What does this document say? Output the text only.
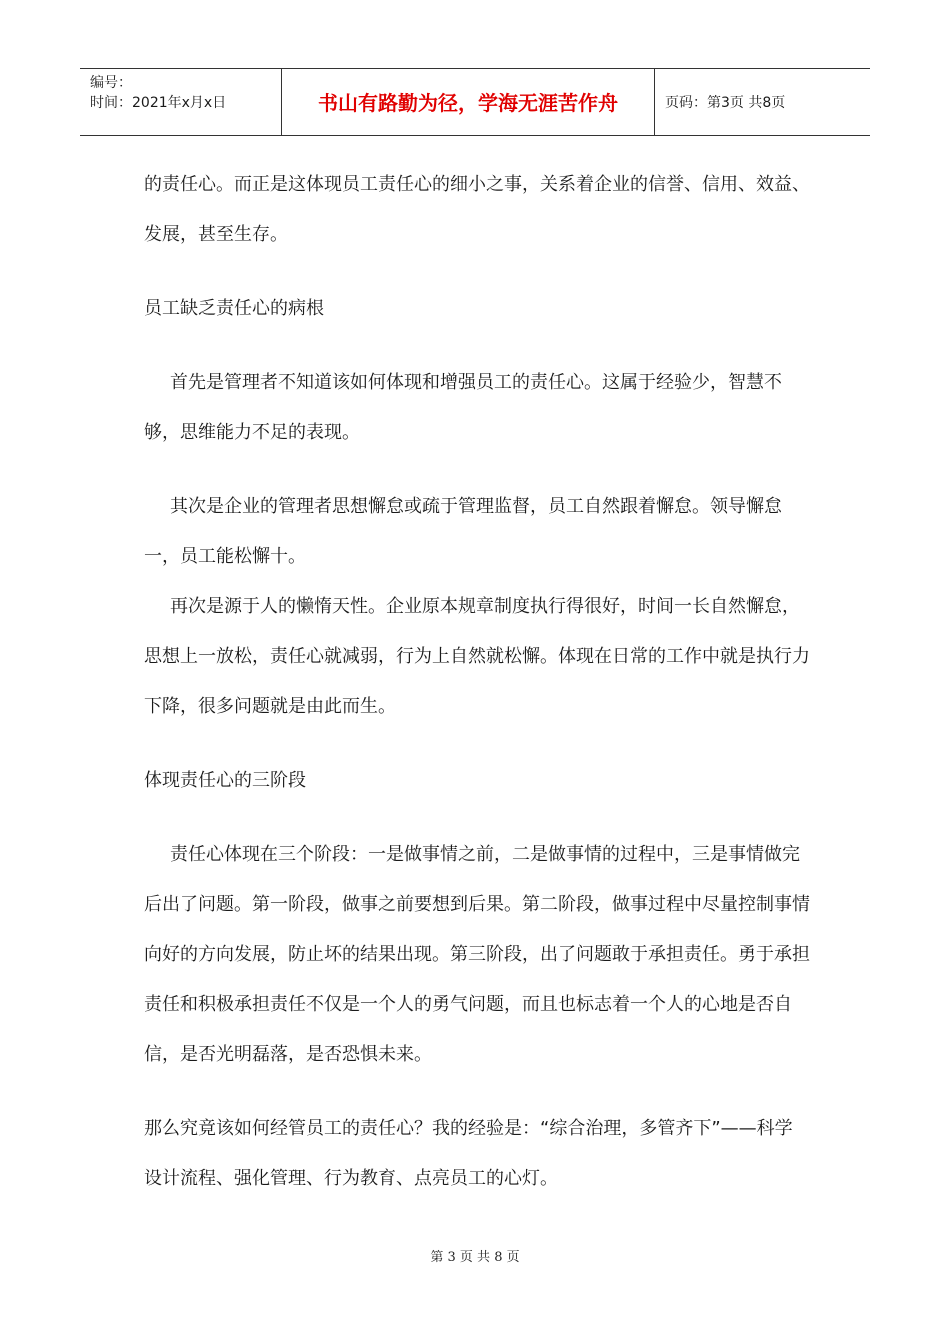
编号：
时间：2021年x月x日	书山有路勤为径，学海无涯苦作舟	页码：第3页 共8页

的责任心。而正是这体现员工责任心的细小之事，关系着企业的信誉、信用、效益、发展，甚至生存。

员工缺乏责任心的病根

首先是管理者不知道该如何体现和增强员工的责任心。这属于经验少，智慧不够，思维能力不足的表现。

其次是企业的管理者思想懈怠或疏于管理监督，员工自然跟着懈怠。领导懈怠一，员工能松懈十。

再次是源于人的懒惰天性。企业原本规章制度执行得很好，时间一长自然懈怠，思想上一放松，责任心就减弱，行为上自然就松懈。体现在日常的工作中就是执行力下降，很多问题就是由此而生。

体现责任心的三阶段

责任心体现在三个阶段：一是做事情之前，二是做事情的过程中，三是事情做完后出了问题。第一阶段，做事之前要想到后果。第二阶段，做事过程中尽量控制事情向好的方向发展，防止坏的结果出现。第三阶段，出了问题敢于承担责任。勇于承担责任和积极承担责任不仅是一个人的勇气问题，而且也标志着一个人的心地是否自信，是否光明磊落，是否恐惧未来。

那么究竟该如何经管员工的责任心？我的经验是：“综合治理，多管齐下”——科学设计流程、强化管理、行为教育、点亮员工的心灯。

第 3 页 共 8 页
